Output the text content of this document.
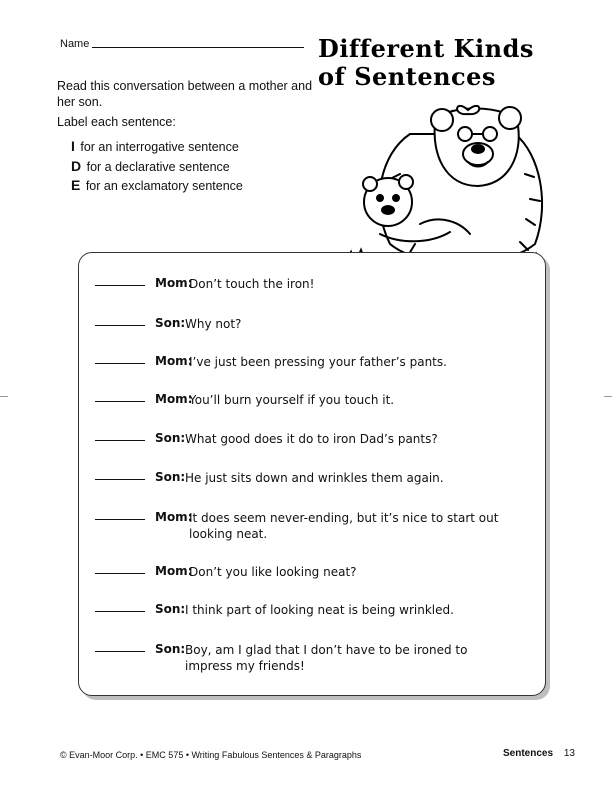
Name	Different Kinds
of Sentences
Read this conversation between a mother and her son.
Label each sentence:
I for an interrogative sentence
D for a declarative sentence
E for an exclamatory sentence
Mom:
Don’t touch the iron!
Son: Why not?
Mom:
I’ve just been pressing your father’s pants.
Mom:
You’ll burn yourself if you touch it.
Son: What good does it do to iron Dad’s pants?
Son: He just sits down and wrinkles them again.
Mom:
It does seem never-ending, but it’s nice to start out looking neat.
Mom:
Don’t you like looking neat?
Son: I think part of looking neat is being wrinkled.
Son: Boy, am I glad that I don’t have to be ironed to impress my friends!
© Evan-Moor Corp. • EMC 575 • Writing Fabulous Sentences & Paragraphs	Sentences 13
